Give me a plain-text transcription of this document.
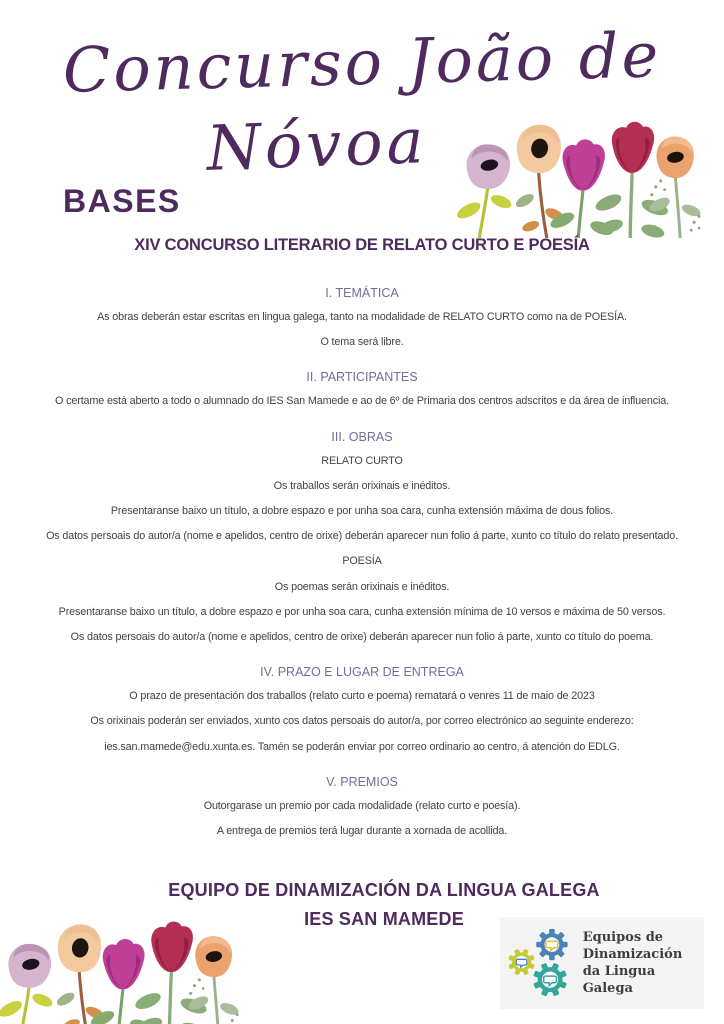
Concurso João de
Nóvoa
BASES
XIV CONCURSO LITERARIO DE RELATO CURTO E POESÍA
I. TEMÁTICA
As obras deberán estar escritas en lingua galega, tanto na modalidade de RELATO CURTO como na de POESÍA.
O tema será libre.
II. PARTICIPANTES
O certame está aberto a todo o alumnado do IES San Mamede e ao de 6º de Primaria dos centros adscritos e da área de influencia.
III. OBRAS
RELATO CURTO
Os traballos serán orixinais e inéditos.
Presentaranse baixo un título, a dobre espazo e por unha soa cara, cunha extensión máxima de dous folios.
Os datos persoais do autor/a (nome e apelidos, centro de orixe) deberán aparecer nun folio á parte, xunto co título do relato presentado.
POESÍA
Os poemas serán orixinais e inéditos.
Presentaranse baixo un título, a dobre espazo e por unha soa cara, cunha extensión mínima de 10 versos e máxima de 50 versos.
Os datos persoais do autor/a (nome e apelidos, centro de orixe) deberán aparecer nun folio á parte, xunto co título do poema.
IV. PRAZO E LUGAR DE ENTREGA
O prazo de presentación dos traballos (relato curto e poema) rematará o venres 11 de maio de 2023
Os orixinais poderán ser enviados, xunto cos datos persoais do autor/a, por correo electrónico ao seguinte enderezo:
ies.san.mamede@edu.xunta.es. Tamén se poderán enviar por correo ordinario ao centro, á atención do EDLG.
V. PREMIOS
Outorgarase un premio por cada modalidade (relato curto e poesía).
A entrega de premios terá lugar durante a xornada de acollida.
EQUIPO DE DINAMIZACIÓN DA LINGUA GALEGA
IES SAN MAMEDE
Equipos de
Dinamización
da Lingua Galega
